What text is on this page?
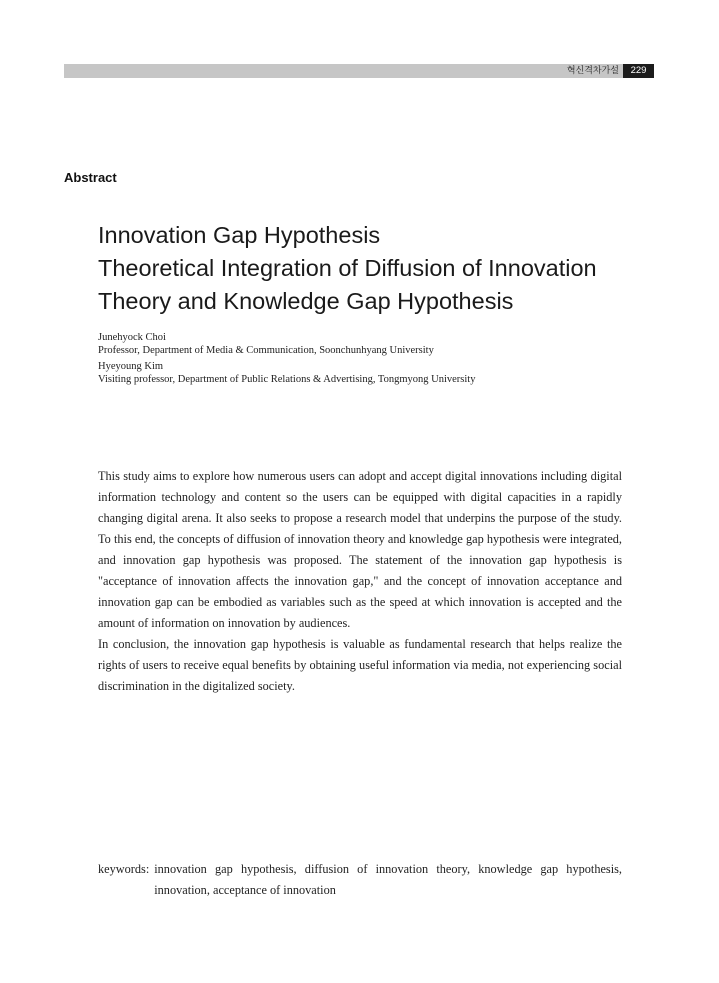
혁신격차가설	229
Abstract
Innovation Gap Hypothesis
Theoretical Integration of Diffusion of Innovation
Theory and Knowledge Gap Hypothesis
Junehyock Choi
Professor, Department of Media & Communication, Soonchunhyang University
Hyeyoung Kim
Visiting professor, Department of Public Relations & Advertising, Tongmyong University

This study aims to explore how numerous users can adopt and accept digital innovations including digital information technology and content so the users can be equipped with digital capacities in a rapidly changing digital arena. It also seeks to propose a research model that underpins the purpose of the study. To this end, the concepts of diffusion of innovation theory and knowledge gap hypothesis were integrated, and innovation gap hypothesis was proposed. The statement of the innovation gap hypothesis is "acceptance of innovation affects the innovation gap," and the concept of innovation acceptance and innovation gap can be embodied as variables such as the speed at which innovation is accepted and the amount of information on innovation by audiences.

In conclusion, the innovation gap hypothesis is valuable as fundamental research that helps realize the rights of users to receive equal benefits by obtaining useful information via media, not experiencing social discrimination in the digitalized society.

keywords: innovation gap hypothesis, diffusion of innovation theory, knowledge gap hypothesis, innovation, acceptance of innovation
